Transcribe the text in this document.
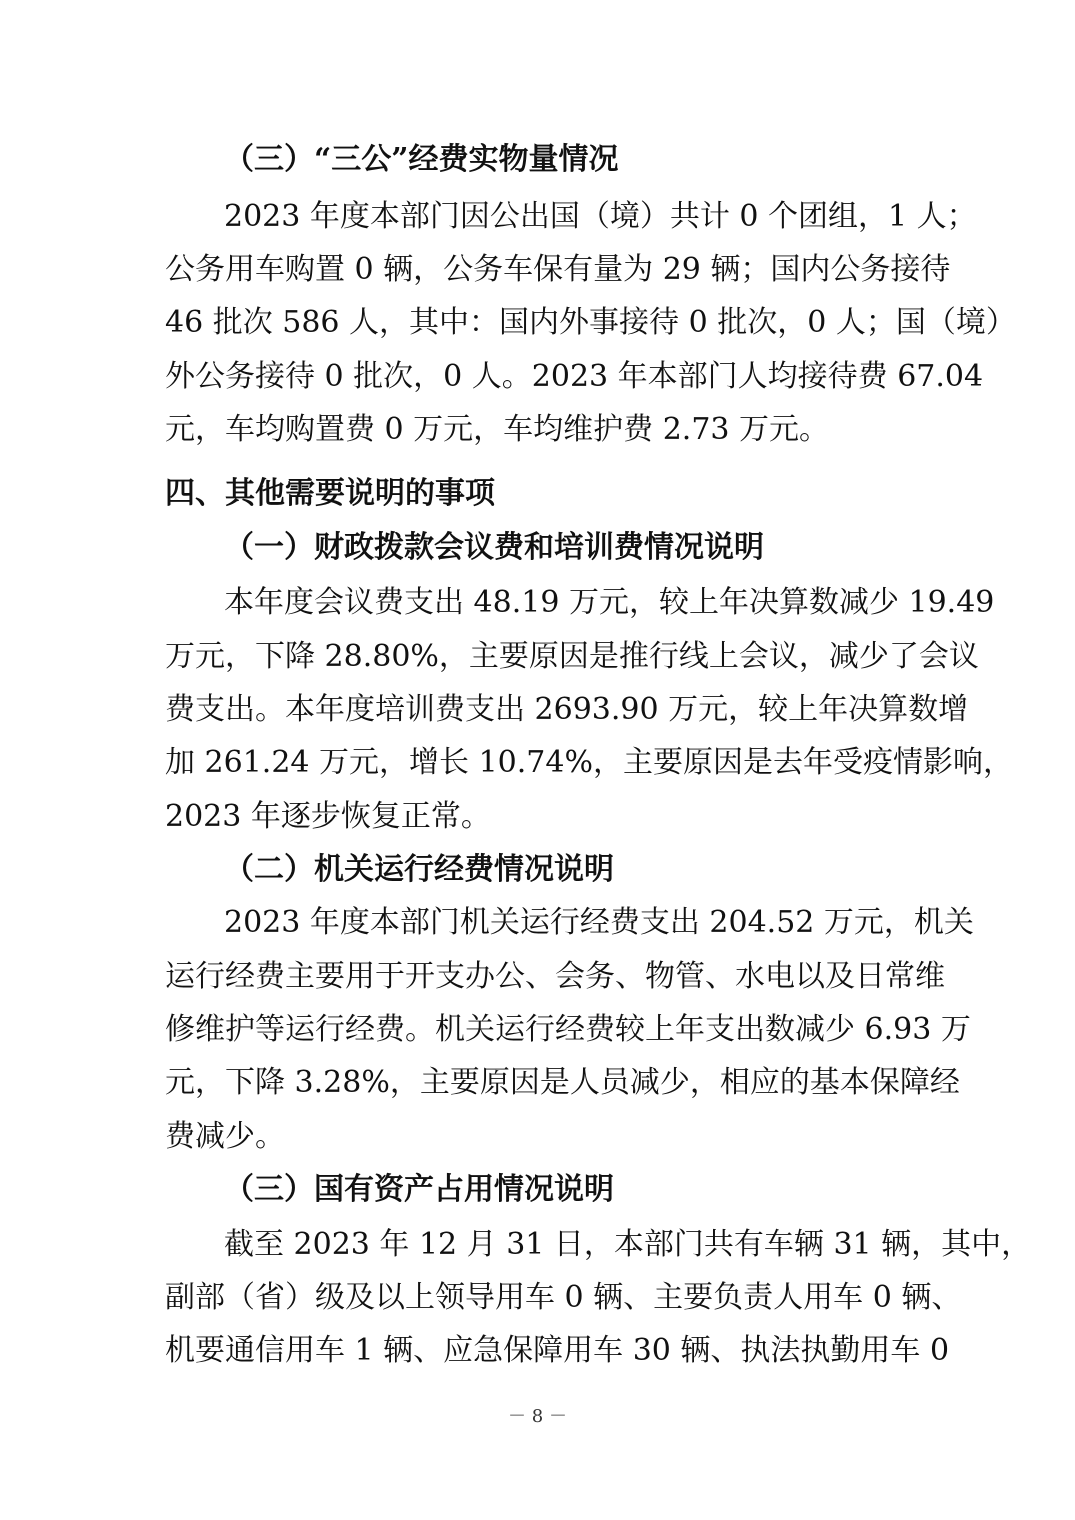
（三）“三公”经费实物量情况
2023 年度本部门因公出国（境）共计 0 个团组，1 人；
公务用车购置 0 辆，公务车保有量为 29 辆；国内公务接待
46 批次 586 人，其中：国内外事接待 0 批次，0 人；国（境）
外公务接待 0 批次，0 人。2023 年本部门人均接待费 67.04
元，车均购置费 0 万元，车均维护费 2.73 万元。
四、其他需要说明的事项
（一）财政拨款会议费和培训费情况说明
本年度会议费支出 48.19 万元，较上年决算数减少 19.49
万元，下降 28.80%，主要原因是推行线上会议，减少了会议
费支出。本年度培训费支出 2693.90 万元，较上年决算数增
加 261.24 万元，增长 10.74%，主要原因是去年受疫情影响，
2023 年逐步恢复正常。
（二）机关运行经费情况说明
2023 年度本部门机关运行经费支出 204.52 万元，机关
运行经费主要用于开支办公、会务、物管、水电以及日常维
修维护等运行经费。机关运行经费较上年支出数减少 6.93 万
元，下降 3.28%，主要原因是人员减少，相应的基本保障经
费减少。
（三）国有资产占用情况说明
截至 2023 年 12 月 31 日，本部门共有车辆 31 辆，其中，
副部（省）级及以上领导用车 0 辆、主要负责人用车 0 辆、
机要通信用车 1 辆、应急保障用车 30 辆、执法执勤用车 0
－ 8 －
